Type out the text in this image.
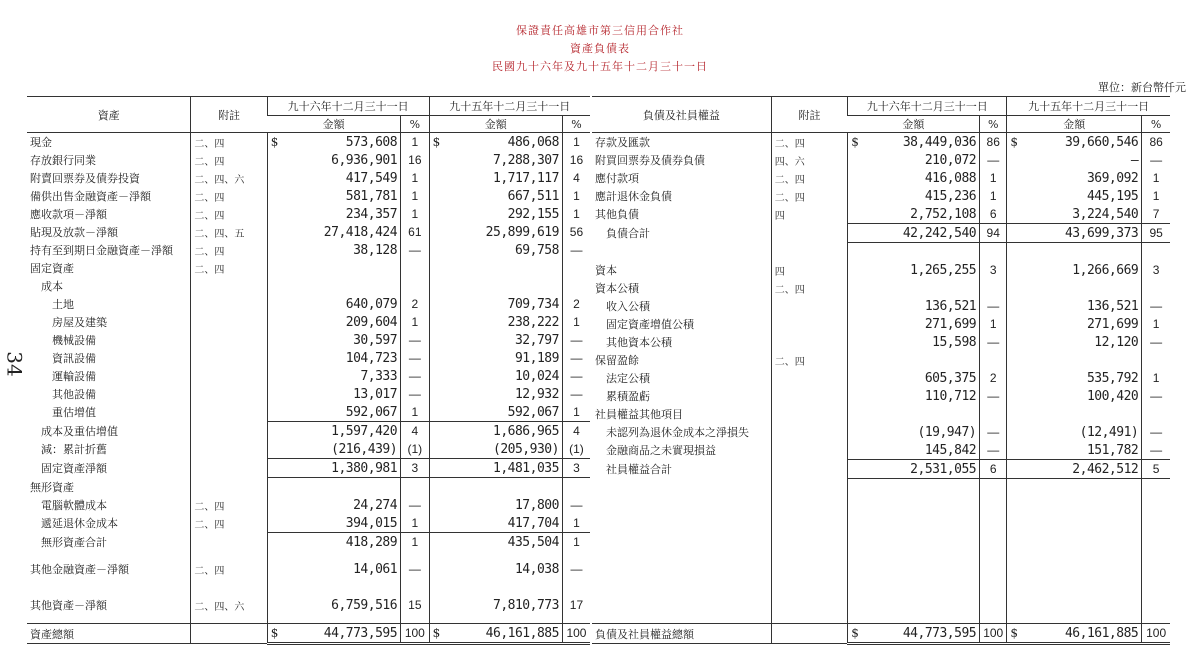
保證責任高雄市第三信用合作社
資產負債表
民國九十六年及九十五年十二月三十一日
單位：新台幣仟元
34
資產	附註	九十六年十二月三十一日			九十五年十二月三十一日		
		金額		%	金額		%
現金	二、四	$	573,608	1	$	486,068	1
存放銀行同業	二、四		6,936,901	16		7,288,307	16
附賣回票券及債券投資	二、四、六		417,549	1		1,717,117	4
備供出售金融資產－淨額	二、四		581,781	1		667,511	1
應收款項－淨額	二、四		234,357	1		292,155	1
貼現及放款－淨額	二、四、五		27,418,424	61		25,899,619	56
持有至到期日金融資產－淨額	二、四		38,128	—		69,758	—
固定資產	二、四						
　成本							
　　土地			640,079	2		709,734	2
　　房屋及建築			209,604	1		238,222	1
　　機械設備			30,597	—		32,797	—
　　資訊設備			104,723	—		91,189	—
　　運輸設備			7,333	—		10,024	—
　　其他設備			13,017	—		12,932	—
　　重估增值			592,067	1		592,067	1
　成本及重估增值			1,597,420	4		1,686,965	4
　減：累計折舊			(216,439)	(1)		(205,930)	(1)
　固定資產淨額			1,380,981	3		1,481,035	3
無形資產							
　電腦軟體成本	二、四		24,274	—		17,800	—
　遞延退休金成本	二、四		394,015	1		417,704	1
　無形資產合計			418,289	1		435,504	1
其他金融資產－淨額	二、四		14,061	—		14,038	—
其他資產－淨額	二、四、六		6,759,516	15		7,810,773	17
資產總額		$	44,773,595	100	$	46,161,885	100
負債及社員權益	附註	九十六年十二月三十一日			九十五年十二月三十一日		
		金額		%	金額		%
存款及匯款	二、四	$	38,449,036	86	$	39,660,546	86
附買回票券及債券負債	四、六		210,072	—		—	—
應付款項	二、四		416,088	1		369,092	1
應計退休金負債	二、四		415,236	1		445,195	1
其他負債	四		2,752,108	6		3,224,540	7
　負債合計			42,242,540	94		43,699,373	95

資本	四		1,265,255	3		1,266,669	3
資本公積	二、四						
　收入公積			136,521	—		136,521	—
　固定資產增值公積			271,699	1		271,699	1
　其他資本公積			15,598	—		12,120	—
保留盈餘	二、四						
　法定公積			605,375	2		535,792	1
　累積盈虧			110,712	—		100,420	—
社員權益其他項目							
　未認列為退休金成本之淨損失			(19,947)	—		(12,491)	—
　金融商品之未實現損益			145,842	—		151,782	—
　社員權益合計			2,531,055	6		2,462,512	5

負債及社員權益總額		$	44,773,595	100	$	46,161,885	100
